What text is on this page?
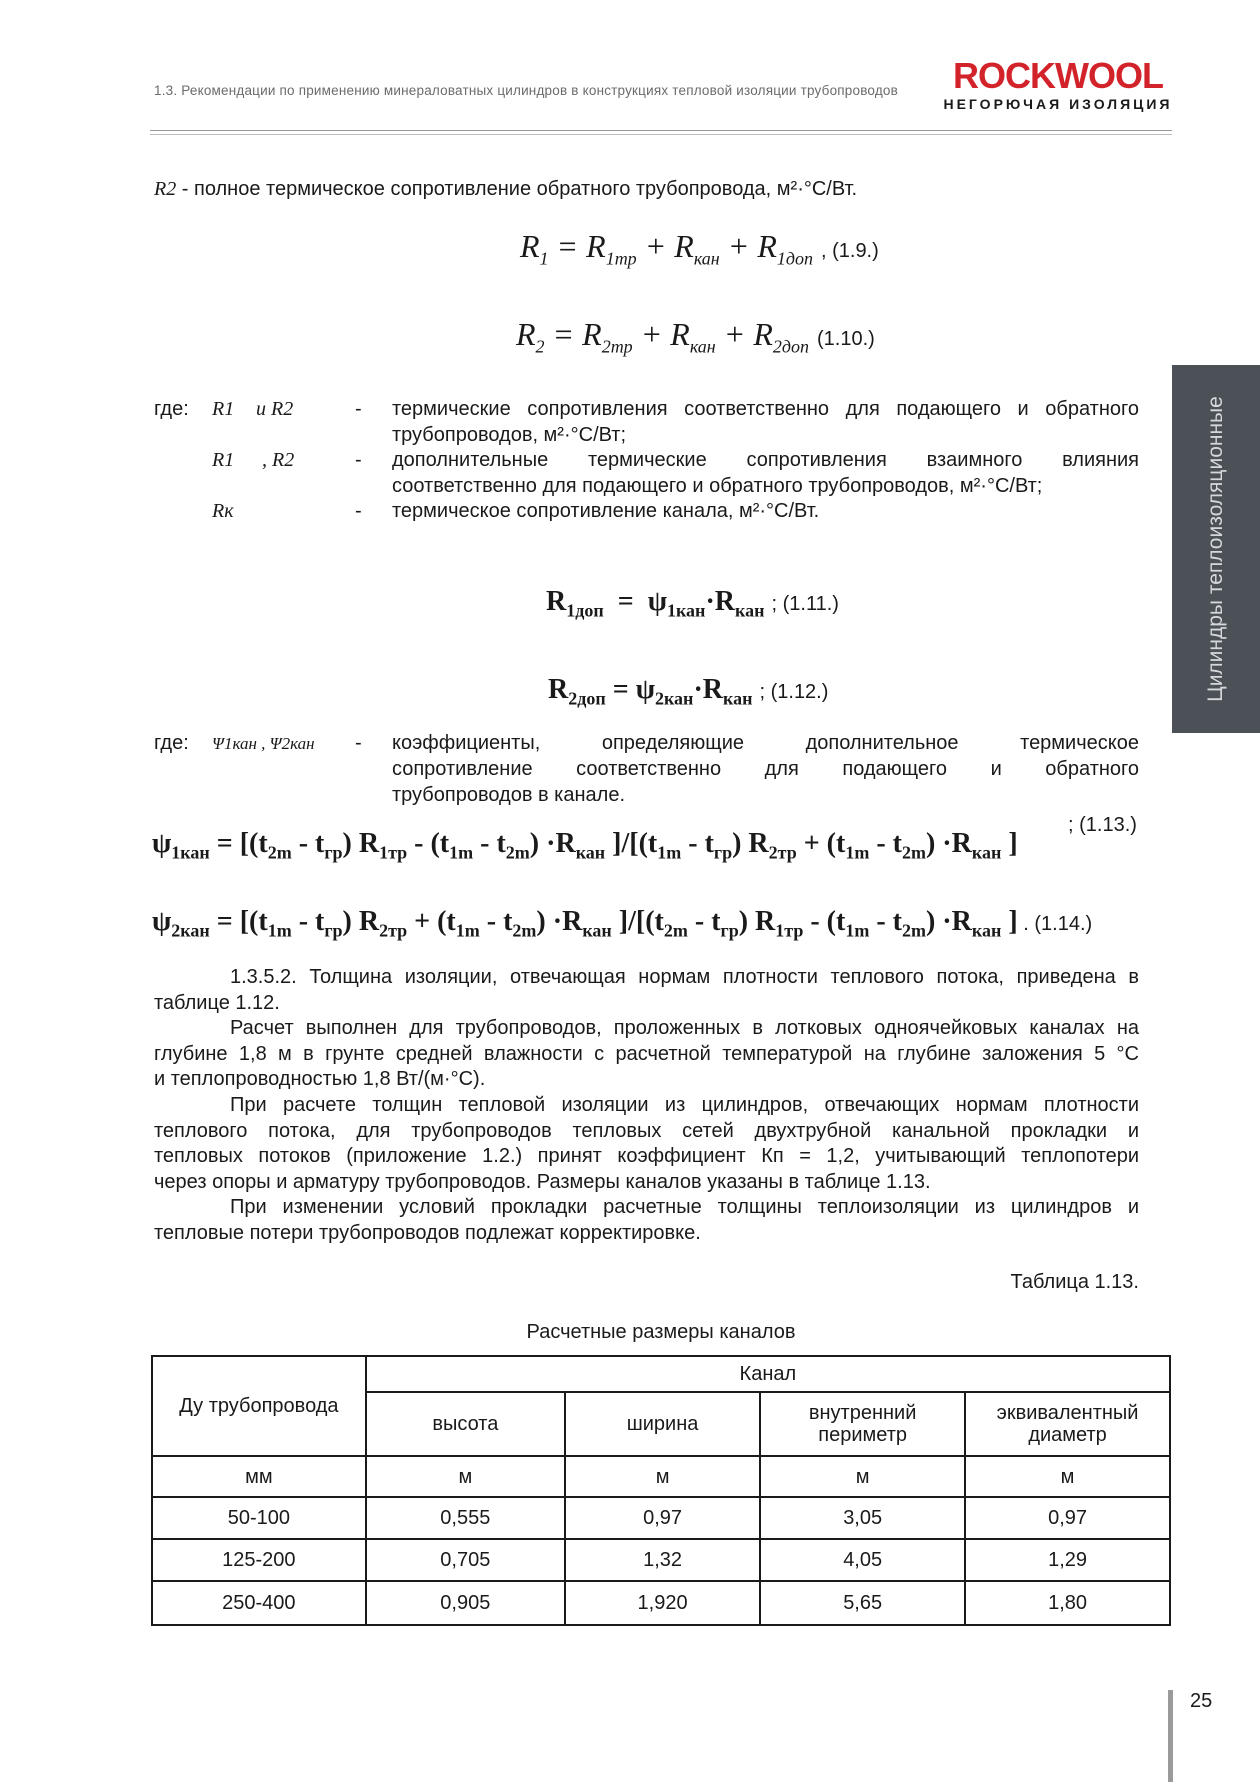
1.3. Рекомендации по применению минераловатных цилиндров в конструкциях тепловой изоляции трубопроводов	ROCKWOOL
НЕГОРЮЧАЯ ИЗОЛЯЦИЯ
Цилиндры теплоизоляционные
R2 - полное термическое сопротивление обратного трубопровода, м²·°С/Вт.
$R_1 = R_{1тр} + R_{кан} + R_{1доп}$ , (1.9.)
$R_2 = R_{2тр} + R_{кан} + R_{2доп}$ (1.10.)
где: R1 и R2	- термические сопротивления соответственно для подающего и обратного
трубопроводов, м²·°С/Вт;
R1 , R2	- дополнительные термические сопротивления взаимного влияния
соответственно для подающего и обратного трубопроводов, м²·°С/Вт;
Rк	- термическое сопротивление канала, м²·°С/Вт.
$R_{1доп} = \psi_{1кан}\cdot R_{кан}$ ; (1.11.)
$R_{2доп} = \psi_{2кан}\cdot R_{кан}$ ; (1.12.)
где: Ψ1кан , Ψ2кан - коэффициенты, определяющие дополнительное термическое
сопротивление соответственно для подающего и обратного
трубопроводов в канале.
$\psi_{1кан} = [(t_{2m} - t_{гр})$ $R_{1тр} - (t_{1m} - t_{2m}) \cdot R_{кан}$ ]$/[(t_{1m} - t_{гр}) R_{2тр} + (t_{1m} - t_{2m}) \cdot R_{кан}$ ]
; (1.13.)
$\psi_{2кан} = [(t_{1m} - t_{гр}) R_{2тр} + (t_{1m} - t_{2m}) \cdot R_{кан}$ ]$/[(t_{2m} - t_{гр})$ $R_{1тр} - (t_{1m} - t_{2m}) \cdot R_{кан}$ ] . (1.14.)
1.3.5.2. Толщина изоляции, отвечающая нормам плотности теплового потока, приведена в
таблице 1.12.
Расчет выполнен для трубопроводов, проложенных в лотковых одноячейковых каналах на
глубине 1,8 м в грунте средней влажности с расчетной температурой на глубине заложения 5 °С
и теплопроводностью 1,8 Вт/(м·°С).
При расчете толщин тепловой изоляции из цилиндров, отвечающих нормам плотности
теплового потока, для трубопроводов тепловых сетей двухтрубной канальной прокладки и
тепловых потоков (приложение 1.2.) принят коэффициент Кп = 1,2, учитывающий теплопотери
через опоры и арматуру трубопроводов. Размеры каналов указаны в таблице 1.13.
При изменении условий прокладки расчетные толщины теплоизоляции из цилиндров и
тепловые потери трубопроводов подлежат корректировке.
Таблица 1.13.
Расчетные размеры каналов
Ду трубопровода	Канал			
	высота	ширина	внутренний периметр	эквивалентный диаметр

мм	м	м	м	м
50-100	0,555	0,97	3,05	0,97
125-200	0,705	1,32	4,05	1,29
250-400	0,905	1,920	5,65	1,80
25
